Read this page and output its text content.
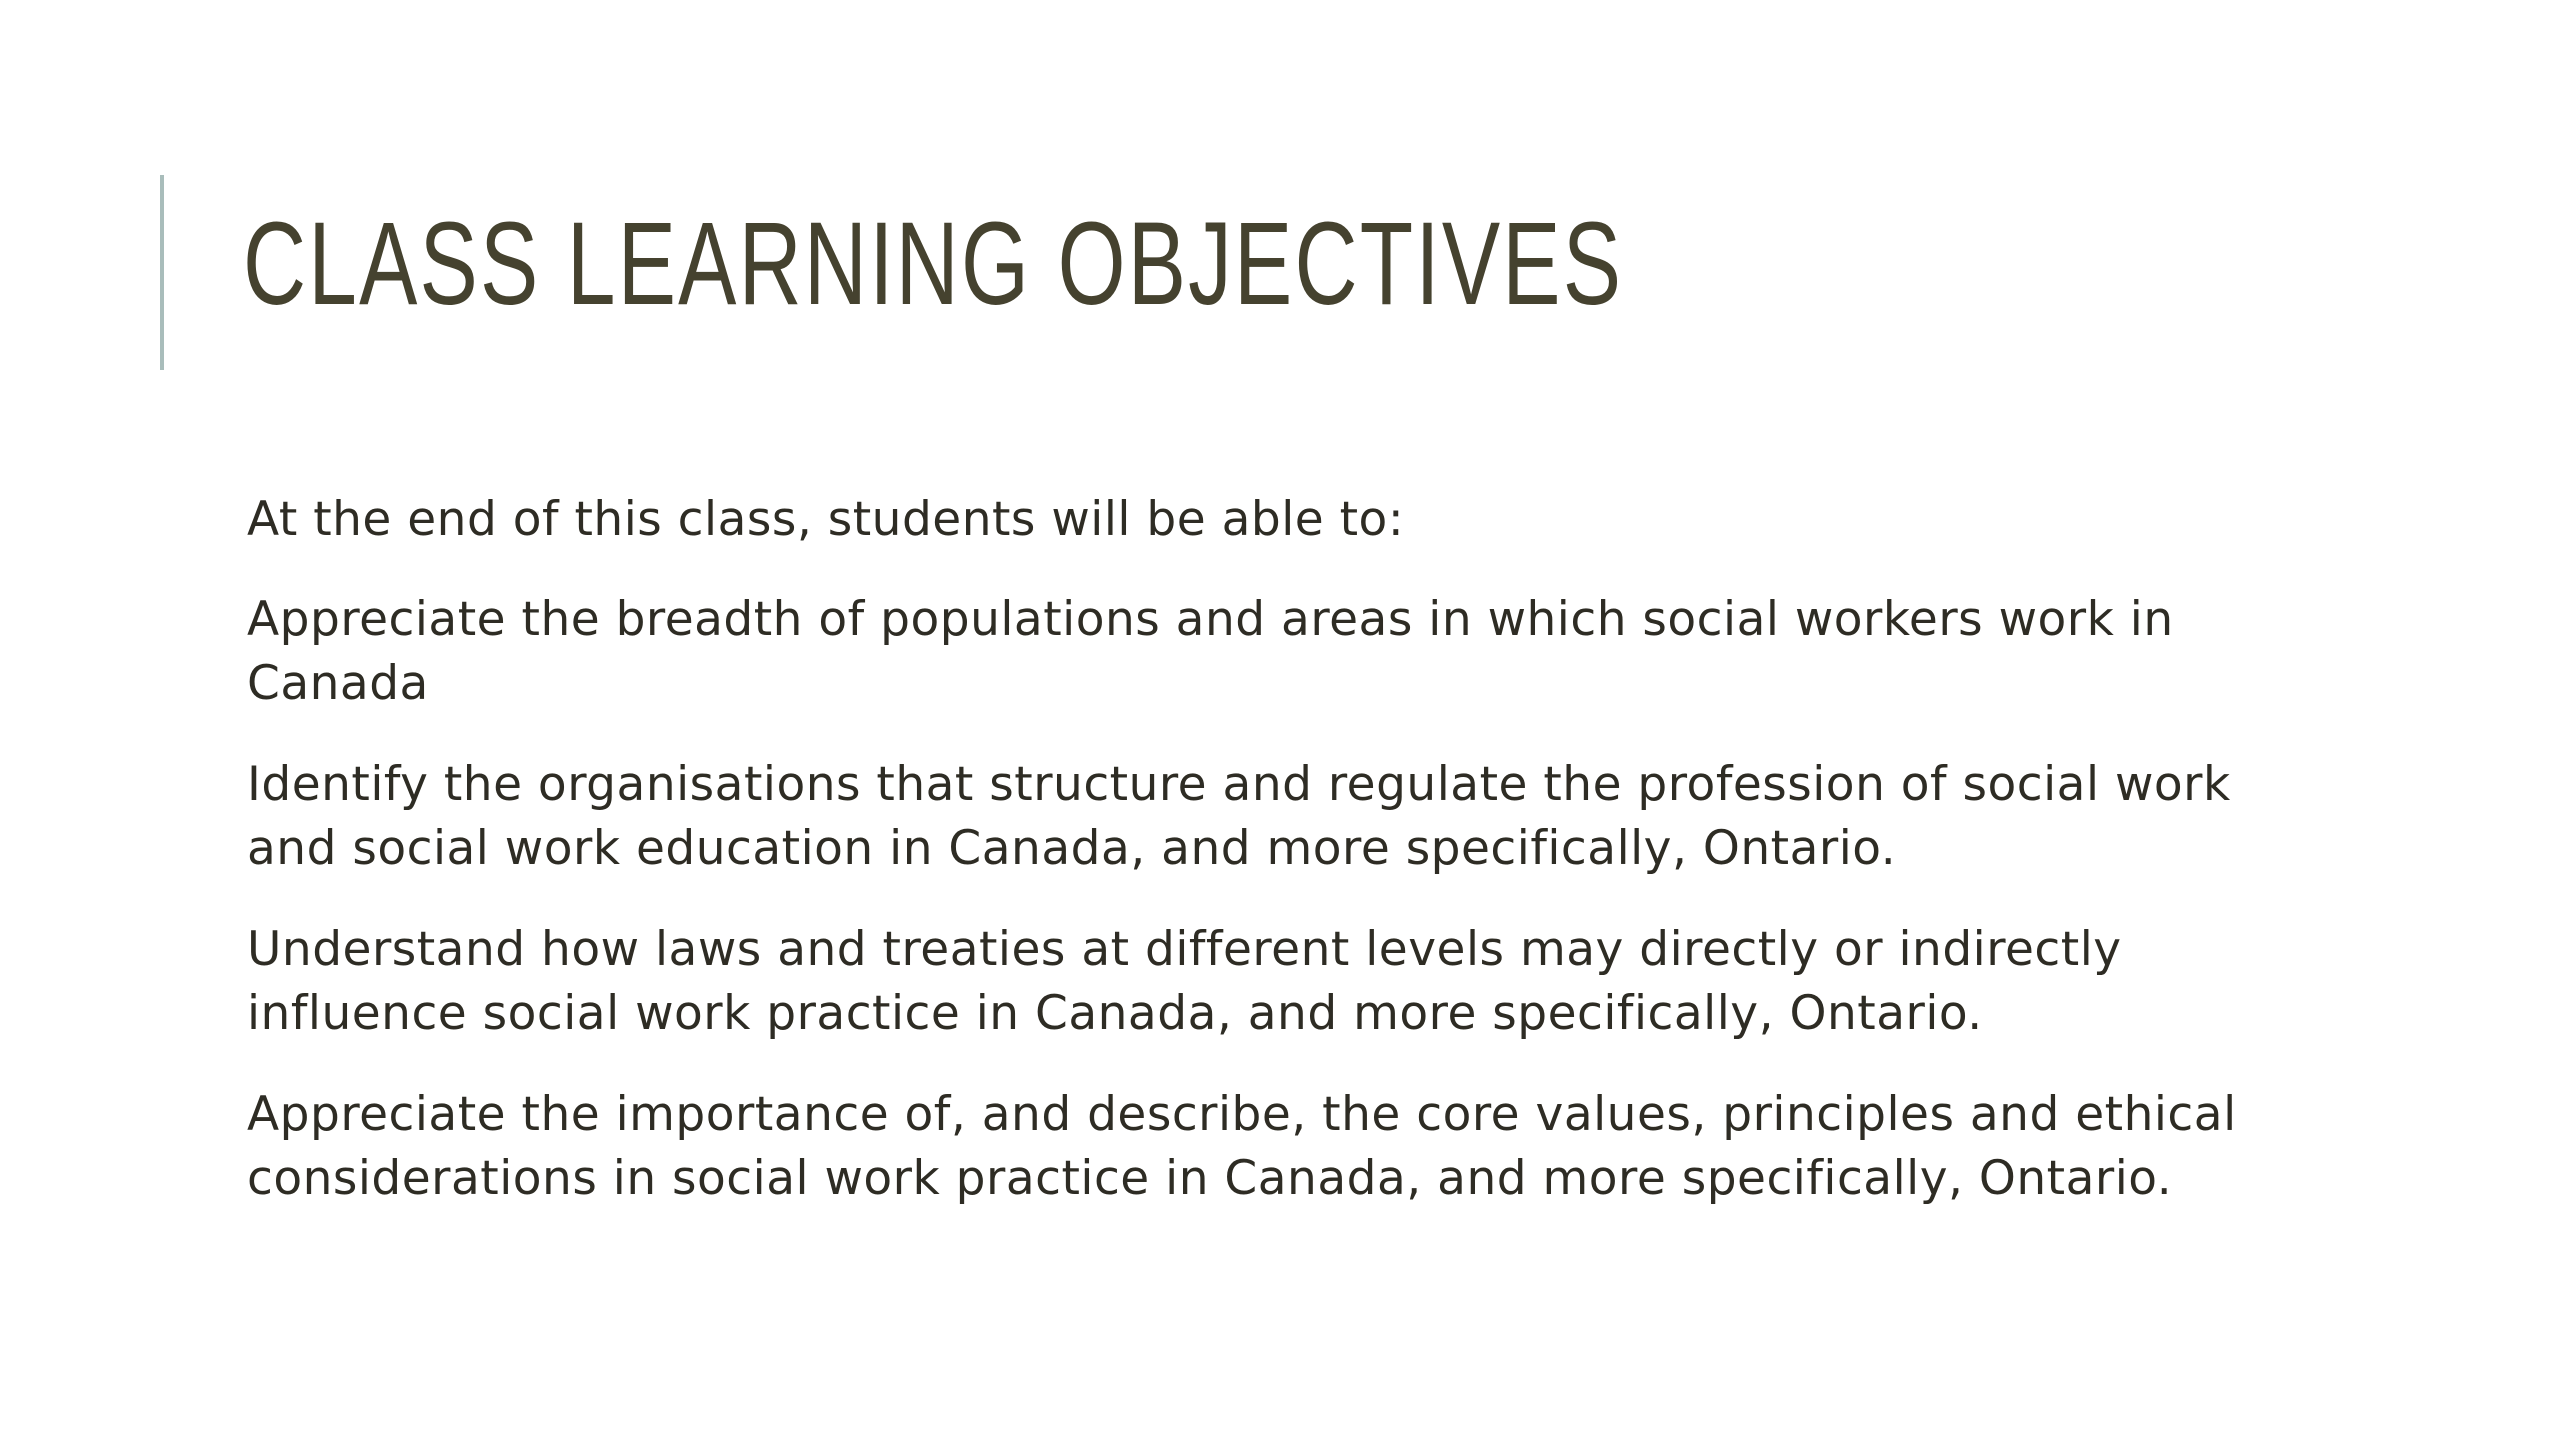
CLASS LEARNING OBJECTIVES

At the end of this class, students will be able to:

Appreciate the breadth of populations and areas in which social workers work in Canada

Identify the organisations that structure and regulate the profession of social work and social work education in Canada, and more specifically, Ontario.

Understand how laws and treaties at different levels may directly or indirectly influence social work practice in Canada, and more specifically, Ontario.

Appreciate the importance of, and describe, the core values, principles and ethical considerations in social work practice in Canada, and more specifically, Ontario.
